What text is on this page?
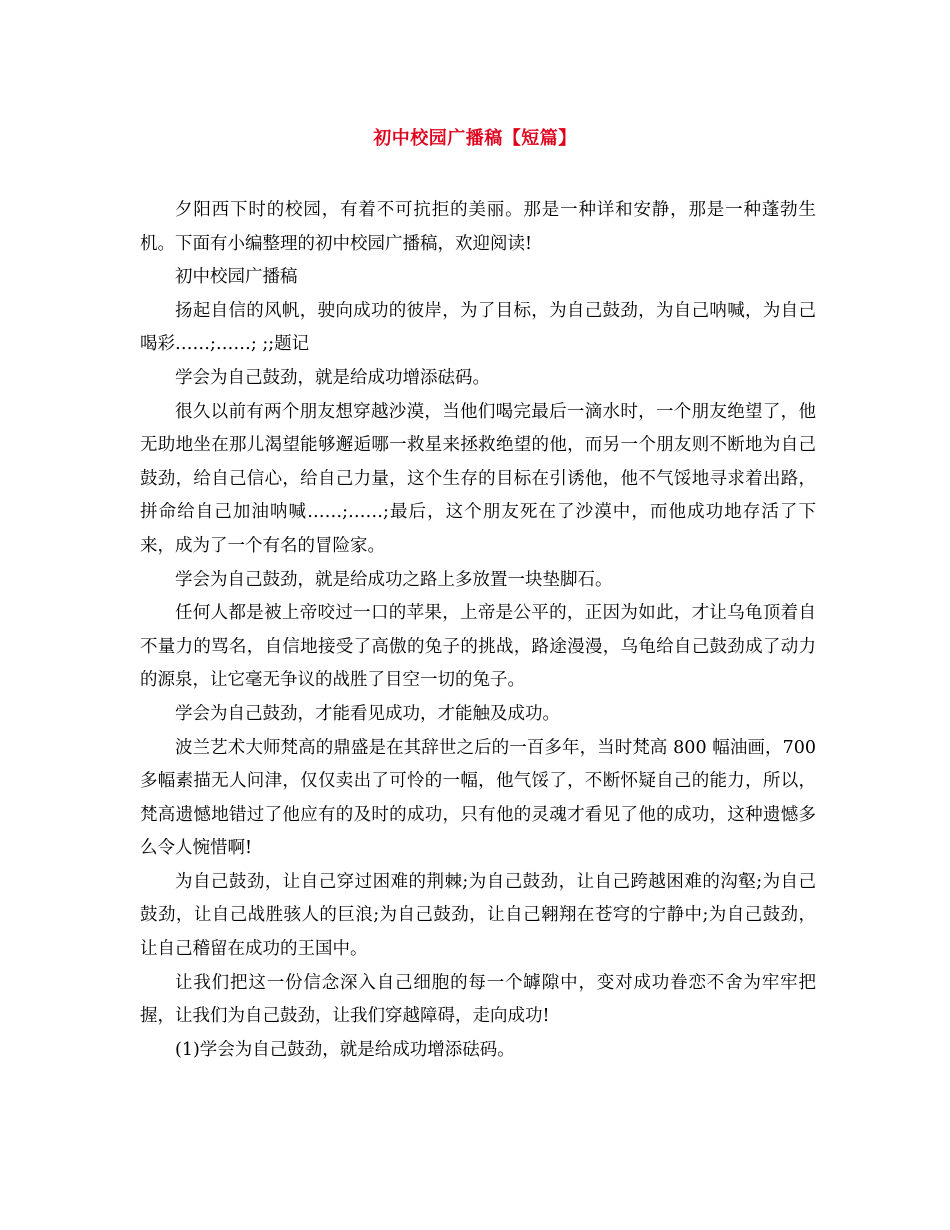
初中校园广播稿【短篇】

夕阳西下时的校园，有着不可抗拒的美丽。那是一种详和安静，那是一种蓬勃生机。下面有小编整理的初中校园广播稿，欢迎阅读!

初中校园广播稿

扬起自信的风帆，驶向成功的彼岸，为了目标，为自己鼓劲，为自己呐喊，为自己喝彩……;……; ;;题记

学会为自己鼓劲，就是给成功增添砝码。

很久以前有两个朋友想穿越沙漠，当他们喝完最后一滴水时，一个朋友绝望了，他无助地坐在那儿渴望能够邂逅哪一救星来拯救绝望的他，而另一个朋友则不断地为自己鼓劲，给自己信心，给自己力量，这个生存的目标在引诱他，他不气馁地寻求着出路，拼命给自己加油呐喊……;……;最后，这个朋友死在了沙漠中，而他成功地存活了下来，成为了一个有名的冒险家。

学会为自己鼓劲，就是给成功之路上多放置一块垫脚石。

任何人都是被上帝咬过一口的苹果，上帝是公平的，正因为如此，才让乌龟顶着自不量力的骂名，自信地接受了高傲的兔子的挑战，路途漫漫，乌龟给自己鼓劲成了动力的源泉，让它毫无争议的战胜了目空一切的兔子。

学会为自己鼓劲，才能看见成功，才能触及成功。

波兰艺术大师梵高的鼎盛是在其辞世之后的一百多年，当时梵高 800 幅油画，700 多幅素描无人问津，仅仅卖出了可怜的一幅，他气馁了，不断怀疑自己的能力，所以，梵高遗憾地错过了他应有的及时的成功，只有他的灵魂才看见了他的成功，这种遗憾多么令人惋惜啊!

为自己鼓劲，让自己穿过困难的荆棘;为自己鼓劲，让自己跨越困难的沟壑;为自己鼓劲，让自己战胜骇人的巨浪;为自己鼓劲，让自己翱翔在苍穹的宁静中;为自己鼓劲，让自己稽留在成功的王国中。

让我们把这一份信念深入自己细胞的每一个罅隙中，变对成功眷恋不舍为牢牢把握，让我们为自己鼓劲，让我们穿越障碍，走向成功!

(1)学会为自己鼓劲，就是给成功增添砝码。
